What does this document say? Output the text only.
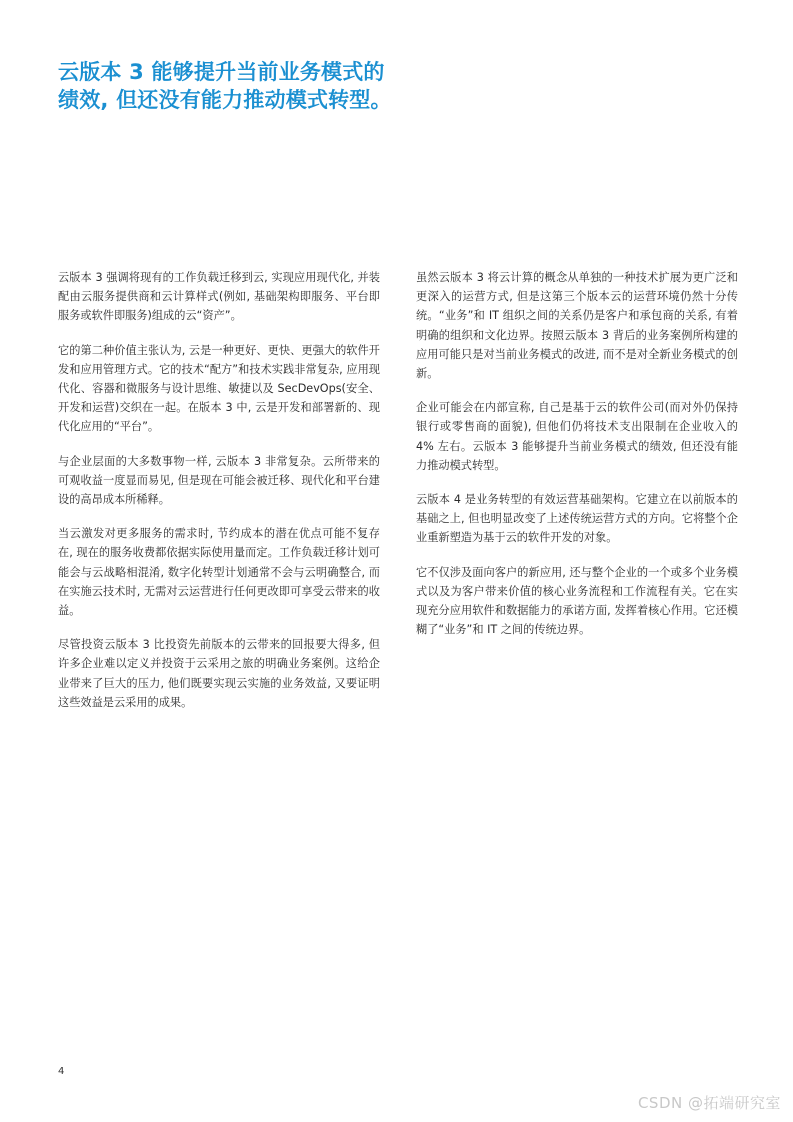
云版本 3 能够提升当前业务模式的
绩效, 但还没有能力推动模式转型。

云版本 3 强调将现有的工作负载迁移到云, 实现应用现代化, 并装配由云服务提供商和云计算样式(例如, 基础架构即服务、平台即服务或软件即服务)组成的云“资产”。

它的第二种价值主张认为, 云是一种更好、更快、更强大的软件开发和应用管理方式。它的技术“配方”和技术实践非常复杂, 应用现代化、容器和微服务与设计思维、敏捷以及 SecDevOps(安全、开发和运营)交织在一起。在版本 3 中, 云是开发和部署新的、现代化应用的“平台”。

与企业层面的大多数事物一样, 云版本 3 非常复杂。云所带来的可观收益一度显而易见, 但是现在可能会被迁移、现代化和平台建设的高昂成本所稀释。

当云激发对更多服务的需求时, 节约成本的潜在优点可能不复存在, 现在的服务收费都依据实际使用量而定。工作负载迁移计划可能会与云战略相混淆, 数字化转型计划通常不会与云明确整合, 而在实施云技术时, 无需对云运营进行任何更改即可享受云带来的收益。

尽管投资云版本 3 比投资先前版本的云带来的回报要大得多, 但许多企业难以定义并投资于云采用之旅的明确业务案例。这给企业带来了巨大的压力, 他们既要实现云实施的业务效益, 又要证明这些效益是云采用的成果。

虽然云版本 3 将云计算的概念从单独的一种技术扩展为更广泛和更深入的运营方式, 但是这第三个版本云的运营环境仍然十分传统。“业务”和 IT 组织之间的关系仍是客户和承包商的关系, 有着明确的组织和文化边界。按照云版本 3 背后的业务案例所构建的应用可能只是对当前业务模式的改进, 而不是对全新业务模式的创新。

企业可能会在内部宣称, 自己是基于云的软件公司(而对外仍保持银行或零售商的面貌), 但他们仍将技术支出限制在企业收入的 4% 左右。云版本 3 能够提升当前业务模式的绩效, 但还没有能力推动模式转型。

云版本 4 是业务转型的有效运营基础架构。它建立在以前版本的基础之上, 但也明显改变了上述传统运营方式的方向。它将整个企业重新塑造为基于云的软件开发的对象。

它不仅涉及面向客户的新应用, 还与整个企业的一个或多个业务模式以及为客户带来价值的核心业务流程和工作流程有关。它在实现充分应用软件和数据能力的承诺方面, 发挥着核心作用。它还模糊了“业务”和 IT 之间的传统边界。

4
CSDN @拓端研究室
